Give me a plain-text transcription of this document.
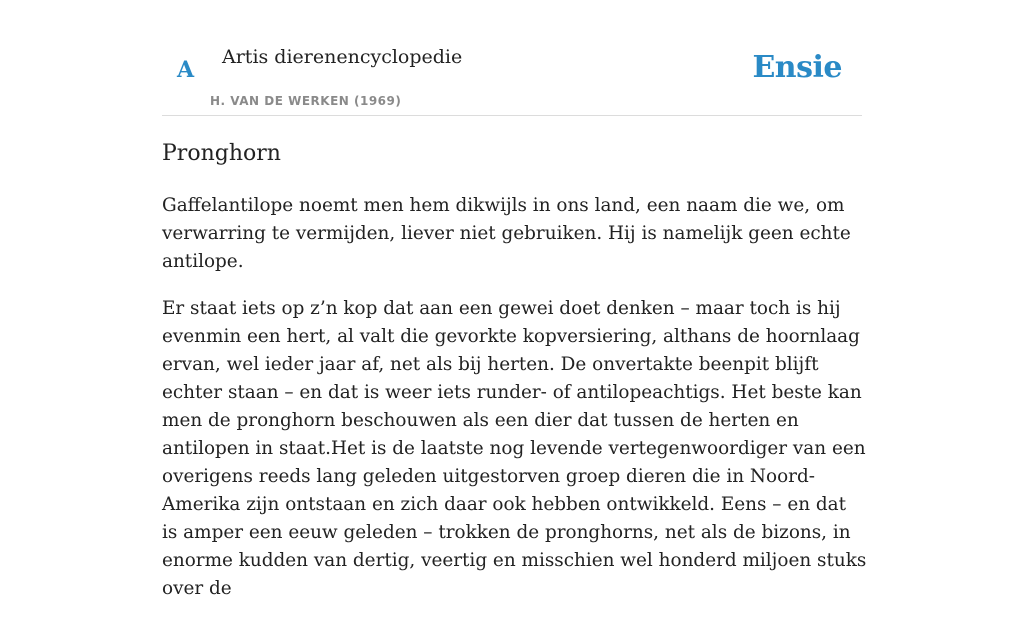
A Artis dierenencyclopedie
H. VAN DE WERKEN (1969)
Ensie
Pronghorn

Gaffelantilope noemt men hem dikwijls in ons land, een naam die we, om verwarring te vermijden, liever niet gebruiken. Hij is namelijk geen echte antilope.

Er staat iets op z’n kop dat aan een gewei doet denken – maar toch is hij evenmin een hert, al valt die gevorkte kopversiering, althans de hoornlaag ervan, wel ieder jaar af, net als bij herten. De onvertakte beenpit blijft echter staan – en dat is weer iets runder- of antilopeachtigs. Het beste kan men de pronghorn beschouwen als een dier dat tussen de herten en antilopen in staat.Het is de laatste nog levende vertegenwoordiger van een overigens reeds lang geleden uitgestorven groep dieren die in Noord-Amerika zijn ontstaan en zich daar ook hebben ontwikkeld. Eens – en dat is amper een eeuw geleden – trokken de pronghorns, net als de bizons, in enorme kudden van dertig, veertig en misschien wel honderd miljoen stuks over de
